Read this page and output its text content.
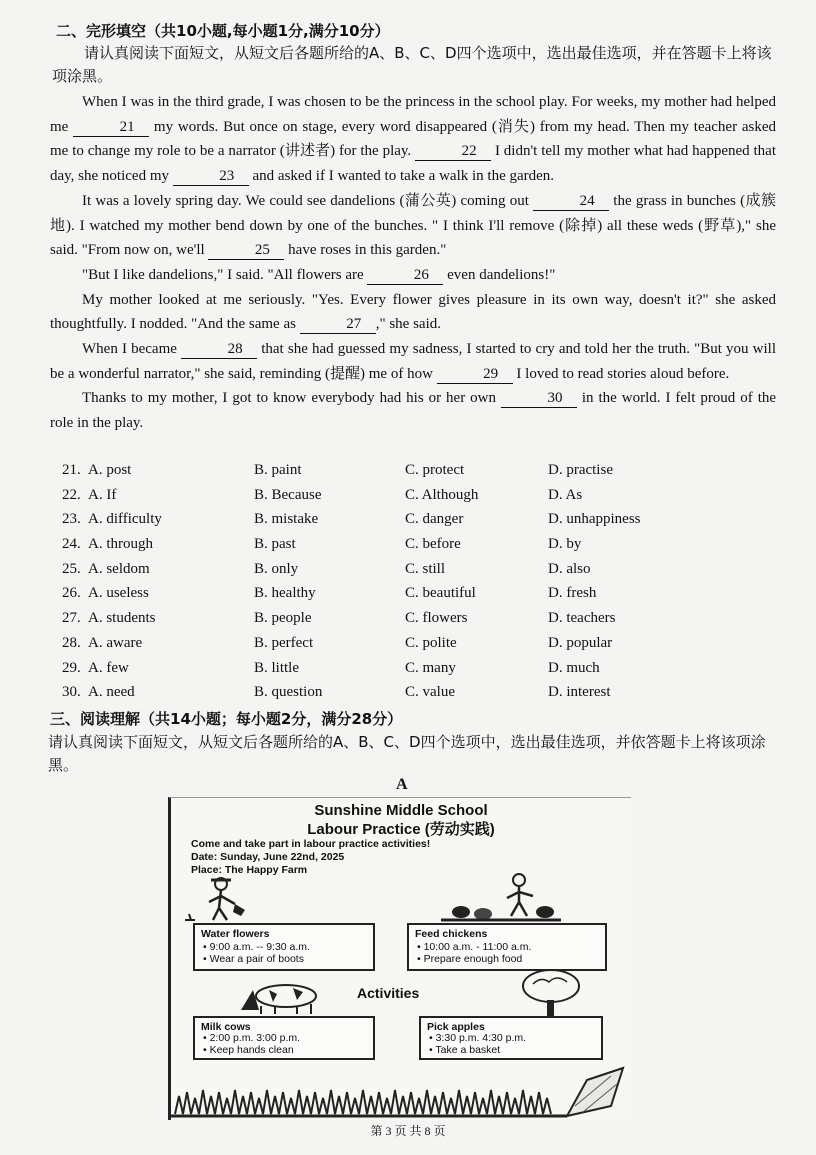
二、完形填空（共10小题,每小题1分,满分10分）
请认真阅读下面短文，从短文后各题所给的A、B、C、D四个选项中，选出最佳选项，并在答题卡上将该项涂黑。

When I was in the third grade, I was chosen to be the princess in the school play. For weeks, my mother had helped me	21 my words. But once on stage, every word disappeared (消失) from my head. Then my teacher asked me to change my role to be a narrator (讲述者) for the play.	22 I didn't tell my mother what had happened that day, she noticed my	23 and asked if I wanted to take a walk in the garden.

It was a lovely spring day. We could see dandelions (蒲公英) coming out	24 the grass in bunches (成簇地). I watched my mother bend down by one of the bunches. " I think I'll remove (除掉) all these weds (野草)," she said. "From now on, we'll	25 have roses in this garden."

"But I like dandelions," I said. "All flowers are	26 even dandelions!"

My mother looked at me seriously. "Yes. Every flower gives pleasure in its own way, doesn't it?" she asked thoughtfully. I nodded. "And the same as	27 ," she said.

When I became	28 that she had guessed my sadness, I started to cry and told her the truth. "But you will be a wonderful narrator," she said, reminding (提醒) me of how	29 I loved to read stories aloud before.

Thanks to my mother, I got to know everybody had his or her own	30 in the world. I felt proud of the role in the play.

21. A. post	B. paint	C. protect	D. practise
22. A. If	B. Because	C. Although	D. As
23. A. difficulty	B. mistake	C. danger	D. unhappiness
24. A. through	B. past	C. before	D. by
25. A. seldom	B. only	C. still	D. also
26. A. useless	B. healthy	C. beautiful	D. fresh
27. A. students	B. people	C. flowers	D. teachers
28. A. aware	B. perfect	C. polite	D. popular
29. A. few	B. little	C. many	D. much
30. A. need	B. question	C. value	D. interest
三、阅读理解（共14小题；每小题2分，满分28分）
请认真阅读下面短文，从短文后各题所给的A、B、C、D四个选项中，选出最佳选项，并依答题卡上将该项涂黑。
A
Sunshine Middle School
Labour Practice (劳动实践)
Come and take part in labour practice activities!
Date: Sunday, June 22nd, 2025
Place: The Happy Farm
Water flowers
• 9:00 a.m. -- 9:30 a.m.
• Wear a pair of boots
Feed chickens
• 10:00 a.m. - 11:00 a.m.
• Prepare enough food
Activities
Milk cows
• 2:00 p.m. 3:00 p.m.
• Keep hands clean
Pick apples
• 3:30 p.m. 4:30 p.m.
• Take a basket
第 3 页 共 8 页
